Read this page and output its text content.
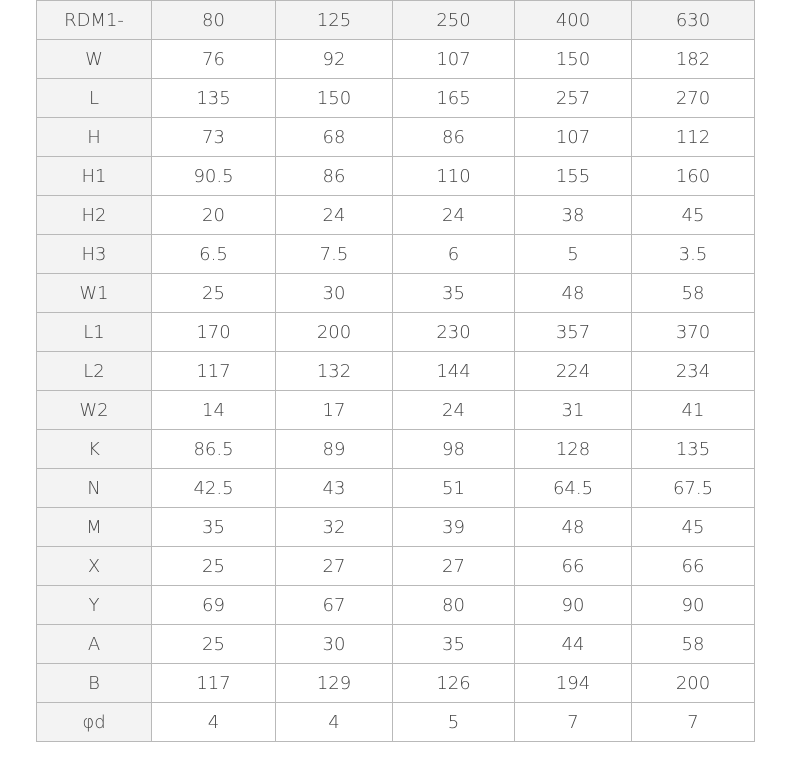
RDM1-	80	125	250	400	630
W	76	92	107	150	182
L	135	150	165	257	270
H	73	68	86	107	112
H1	90.5	86	110	155	160
H2	20	24	24	38	45
H3	6.5	7.5	6	5	3.5
W1	25	30	35	48	58
L1	170	200	230	357	370
L2	117	132	144	224	234
W2	14	17	24	31	41
K	86.5	89	98	128	135
N	42.5	43	51	64.5	67.5
M	35	32	39	48	45
X	25	27	27	66	66
Y	69	67	80	90	90
A	25	30	35	44	58
B	117	129	126	194	200
φd	4	4	5	7	7
